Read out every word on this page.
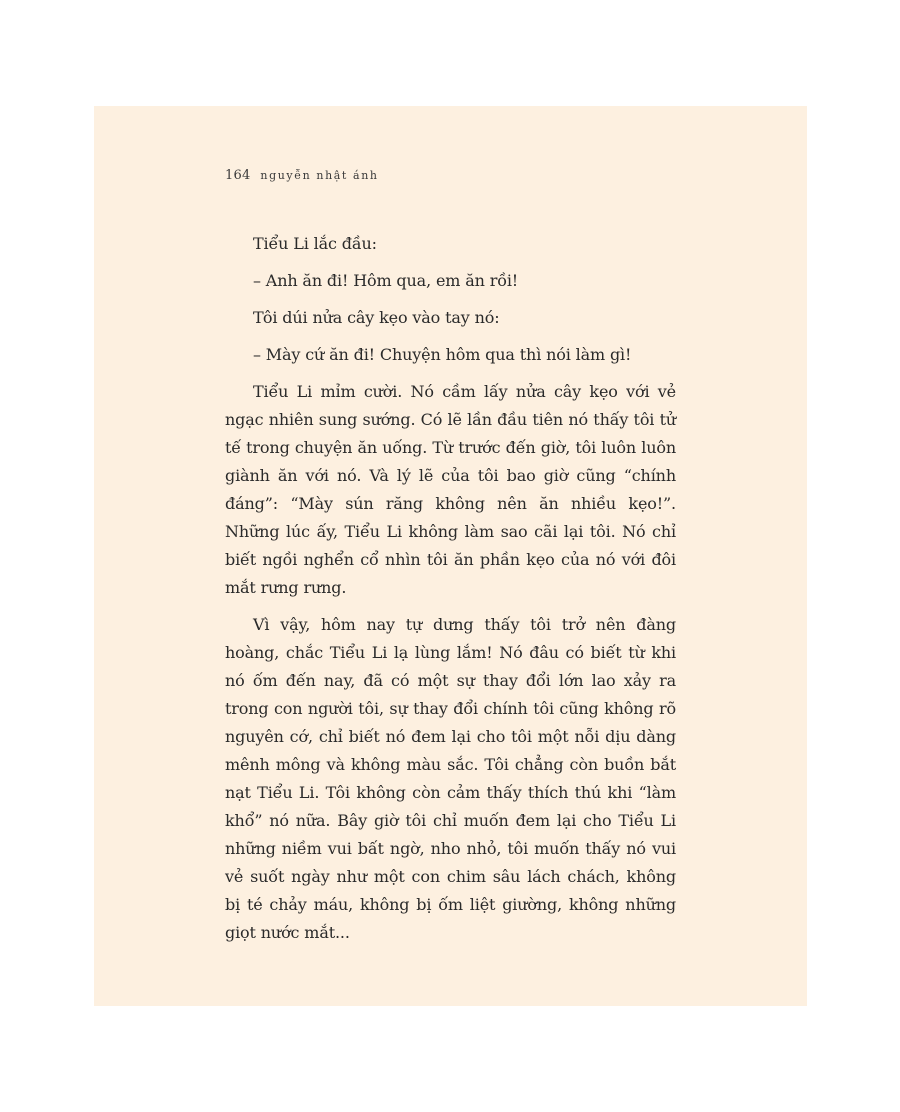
164 nguyễn nhật ánh

Tiểu Li lắc đầu:

– Anh ăn đi! Hôm qua, em ăn rồi!

Tôi dúi nửa cây kẹo vào tay nó:

– Mày cứ ăn đi! Chuyện hôm qua thì nói làm gì!

Tiểu Li mỉm cười. Nó cầm lấy nửa cây kẹo với vẻ ngạc nhiên sung sướng. Có lẽ lần đầu tiên nó thấy tôi tử tế trong chuyện ăn uống. Từ trước đến giờ, tôi luôn luôn giành ăn với nó. Và lý lẽ của tôi bao giờ cũng “chính đáng”: “Mày sún răng không nên ăn nhiều kẹo!”. Những lúc ấy, Tiểu Li không làm sao cãi lại tôi. Nó chỉ biết ngồi nghển cổ nhìn tôi ăn phần kẹo của nó với đôi mắt rưng rưng.

Vì vậy, hôm nay tự dưng thấy tôi trở nên đàng hoàng, chắc Tiểu Li lạ lùng lắm! Nó đâu có biết từ khi nó ốm đến nay, đã có một sự thay đổi lớn lao xảy ra trong con người tôi, sự thay đổi chính tôi cũng không rõ nguyên cớ, chỉ biết nó đem lại cho tôi một nỗi dịu dàng mênh mông và không màu sắc. Tôi chẳng còn buồn bắt nạt Tiểu Li. Tôi không còn cảm thấy thích thú khi “làm khổ” nó nữa. Bây giờ tôi chỉ muốn đem lại cho Tiểu Li những niềm vui bất ngờ, nho nhỏ, tôi muốn thấy nó vui vẻ suốt ngày như một con chim sâu lách chách, không bị té chảy máu, không bị ốm liệt giường, không những giọt nước mắt...
